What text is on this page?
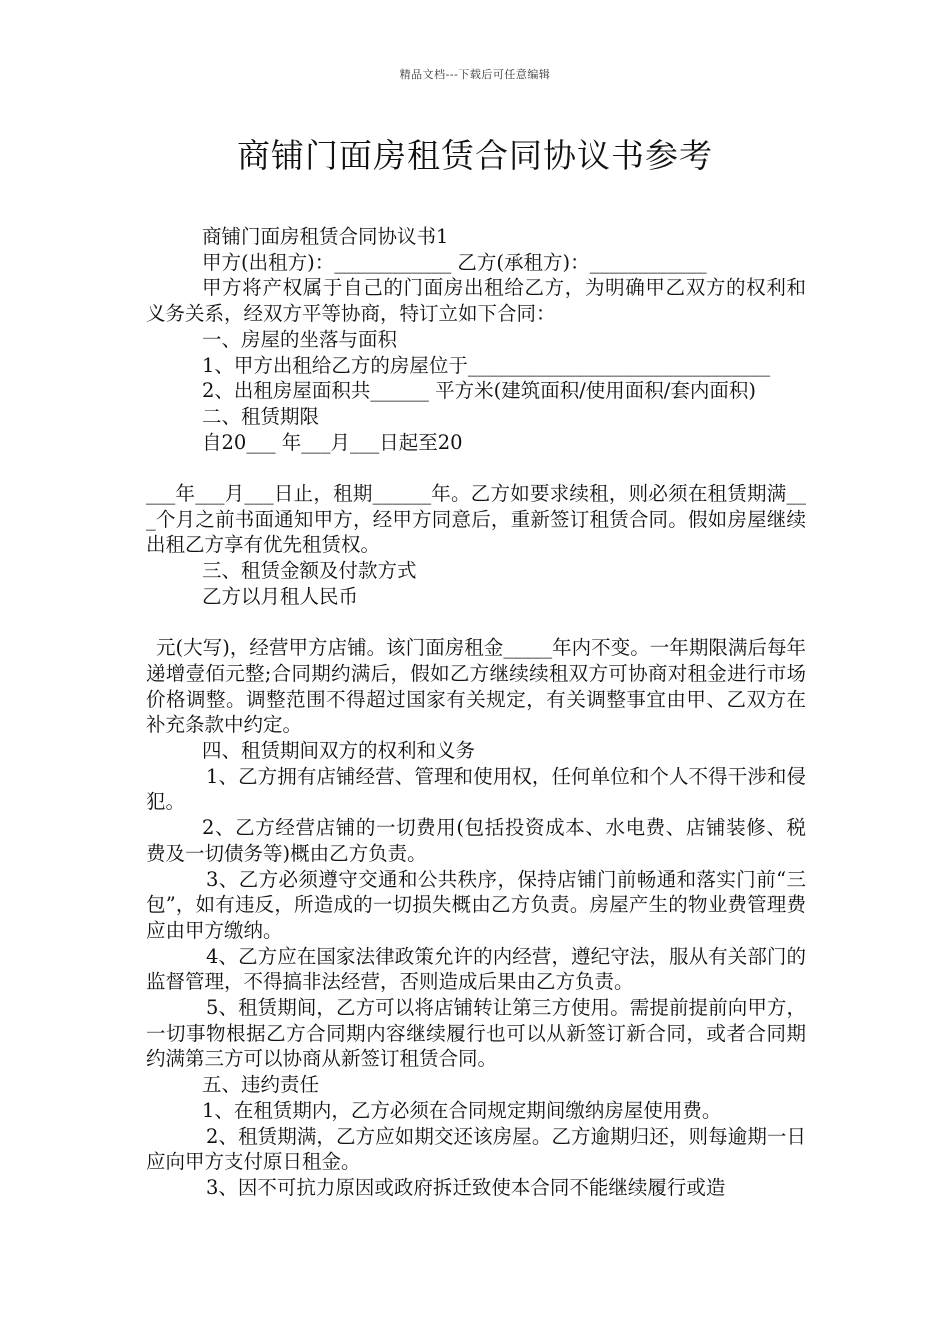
精品文档---下载后可任意编辑
商铺门面房租赁合同协议书参考

商铺门面房租赁合同协议书1

甲方(出租方)：____________ 乙方(承租方)：____________

甲方将产权属于自己的门面房出租给乙方，为明确甲乙双方的权利和义务关系，经双方平等协商，特订立如下合同：

一、房屋的坐落与面积

1、甲方出租给乙方的房屋位于_______________________________

2、出租房屋面积共______ 平方米(建筑面积/使用面积/套内面积)

二、租赁期限

自20___ 年___月___日起至20

___年___月___日止，租期______年。乙方如要求续租，则必须在租赁期满___个月之前书面通知甲方，经甲方同意后，重新签订租赁合同。假如房屋继续出租乙方享有优先租赁权。

三、租赁金额及付款方式

乙方以月租人民币

元(大写)，经营甲方店铺。该门面房租金_____年内不变。一年期限满后每年递增壹佰元整;合同期约满后，假如乙方继续续租双方可协商对租金进行市场价格调整。调整范围不得超过国家有关规定，有关调整事宜由甲、乙双方在补充条款中约定。

四、租赁期间双方的权利和义务

1、乙方拥有店铺经营、管理和使用权，任何单位和个人不得干涉和侵犯。

2、乙方经营店铺的一切费用(包括投资成本、水电费、店铺装修、税费及一切债务等)概由乙方负责。

3、乙方必须遵守交通和公共秩序，保持店铺门前畅通和落实门前“三包”，如有违反，所造成的一切损失概由乙方负责。房屋产生的物业费管理费应由甲方缴纳。

4、乙方应在国家法律政策允许的内经营，遵纪守法，服从有关部门的监督管理，不得搞非法经营，否则造成后果由乙方负责。

5、租赁期间，乙方可以将店铺转让第三方使用。需提前提前向甲方，一切事物根据乙方合同期内容继续履行也可以从新签订新合同，或者合同期约满第三方可以协商从新签订租赁合同。

五、违约责任

1、在租赁期内，乙方必须在合同规定期间缴纳房屋使用费。

2、租赁期满，乙方应如期交还该房屋。乙方逾期归还，则每逾期一日应向甲方支付原日租金。

3、因不可抗力原因或政府拆迁致使本合同不能继续履行或造
